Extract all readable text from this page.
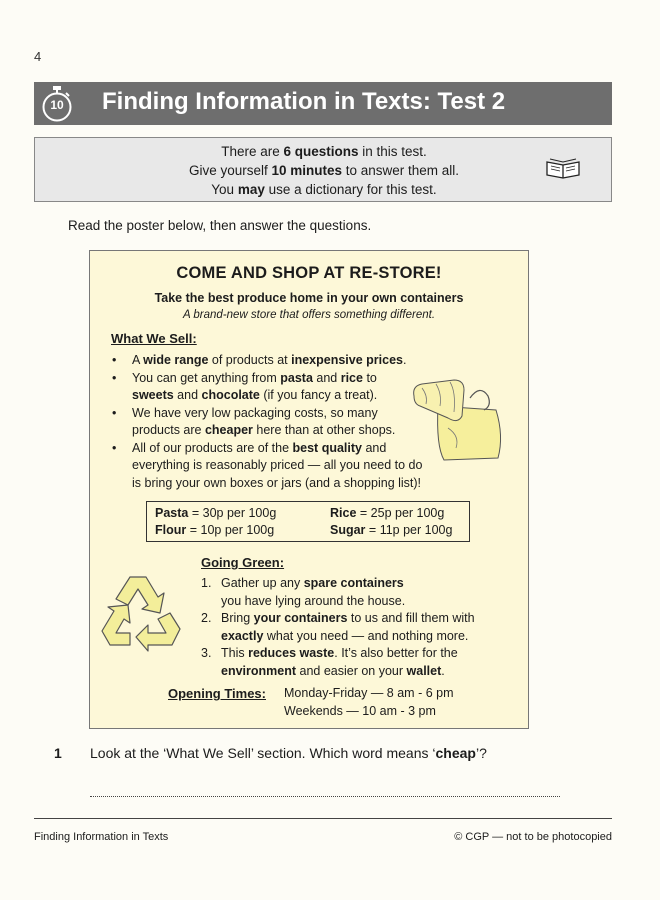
4
10	Finding Information in Texts: Test 2
There are 6 questions in this test.
Give yourself 10 minutes to answer them all.
You may use a dictionary for this test.
Read the poster below, then answer the questions.
COME AND SHOP AT RE-STORE!
Take the best produce home in your own containers
A brand-new store that offers something different.
What We Sell:
• A wide range of products at inexpensive prices.
• You can get anything from pasta and rice to
sweets and chocolate (if you fancy a treat).
• We have very low packaging costs, so many
products are cheaper here than at other shops.
• All of our products are of the best quality and
everything is reasonably priced — all you need to do
is bring your own boxes or jars (and a shopping list)!
Pasta = 30p per 100g	Rice = 25p per 100g
Flour = 10p per 100g	Sugar = 11p per 100g
Going Green:
1. Gather up any spare containers
you have lying around the house.
2. Bring your containers to us and fill them with
exactly what you need — and nothing more.
3. This reduces waste. It’s also better for the
environment and easier on your wallet.
Opening Times: Monday-Friday — 8 am - 6 pm
Weekends — 10 am - 3 pm
1 Look at the ‘What We Sell’ section. Which word means ‘cheap’?
Finding Information in Texts	© CGP — not to be photocopied
